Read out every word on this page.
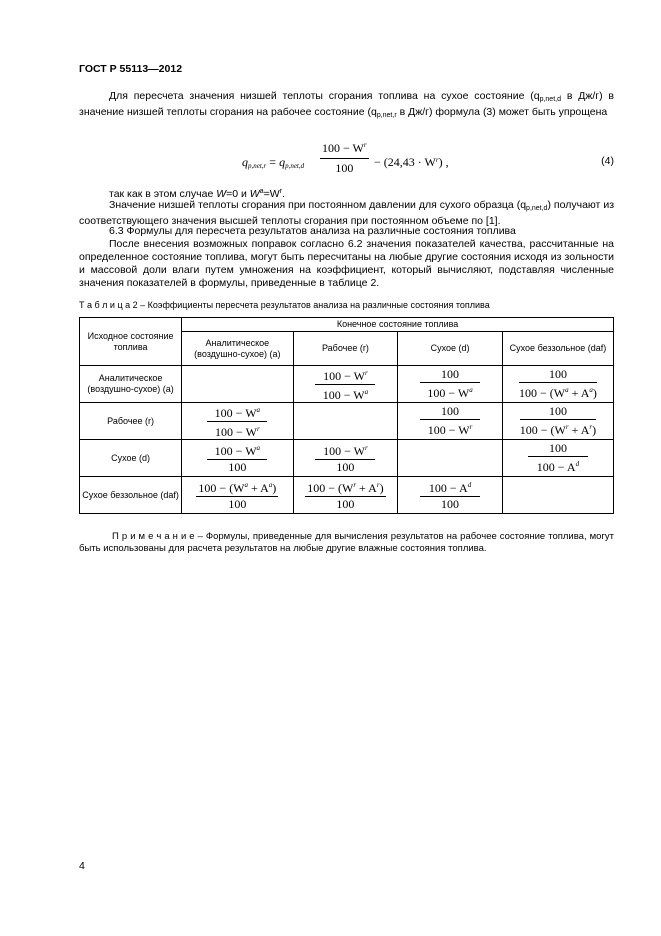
ГОСТ Р 55113—2012
Для пересчета значения низшей теплоты сгорания топлива на сухое состояние ($q_{p,net,d}$ в Дж/г) в значение низшей теплоты сгорания на рабочее состояние ($q_{p,net,r}$ в Дж/г) формула (3) может быть упрощена
$q_{p,net,r} = q_{p,net,d} \frac{100 - W^r}{100} - (24,43 \cdot W^r)$ ,	(4)
так как в этом случае W=0 и $W^a=W^r$.
Значение низшей теплоты сгорания при постоянном давлении для сухого образца $(q_{p,net,d})$ получают из соответствующего значения высшей теплоты сгорания при постоянном объеме по [1].
6.3 Формулы для пересчета результатов анализа на различные состояния топлива
После внесения возможных поправок согласно 6.2 значения показателей качества, рассчитанные на определенное состояние топлива, могут быть пересчитаны на любые другие состояния исходя из зольности и массовой доли влаги путем умножения на коэффициент, который вычисляют, подставляя численные значения показателей в формулы, приведенные в таблице 2.
Т а б л и ц а 2 – Коэффициенты пересчета результатов анализа на различные состояния топлива
Исходное состояние топлива	Конечное состояние топлива			
	Аналитическое (воздушно-сухое) (a)	Рабочее (r)	Сухое (d)	Сухое беззольное (daf)
Аналитическое (воздушно-сухое) (a)		$\frac{100 - W^r}{100 - W^a}$	$\frac{100}{100 - W^a}$	$\frac{100}{100 - (W^a + A^a)}$

Рабочее (r)	$\frac{100 - W^a}{100 - W^r}$		$\frac{100}{100 - W^r}$	$\frac{100}{100 - (W^r + A^r)}$

Сухое (d)	$\frac{100 - W^a}{100}$	$\frac{100 - W^r}{100}$		$\frac{100}{100 - A^d}$

Сухое беззольное (daf)	$\frac{100 - (W^a + A^a)}{100}$	$\frac{100 - (W^r + A^r)}{100}$	$\frac{100 - A^d}{100}$

П р и м е ч а н и е – Формулы, приведенные для вычисления результатов на рабочее состояние топлива, могут быть использованы для расчета результатов на любые другие влажные состояния топлива.
4
